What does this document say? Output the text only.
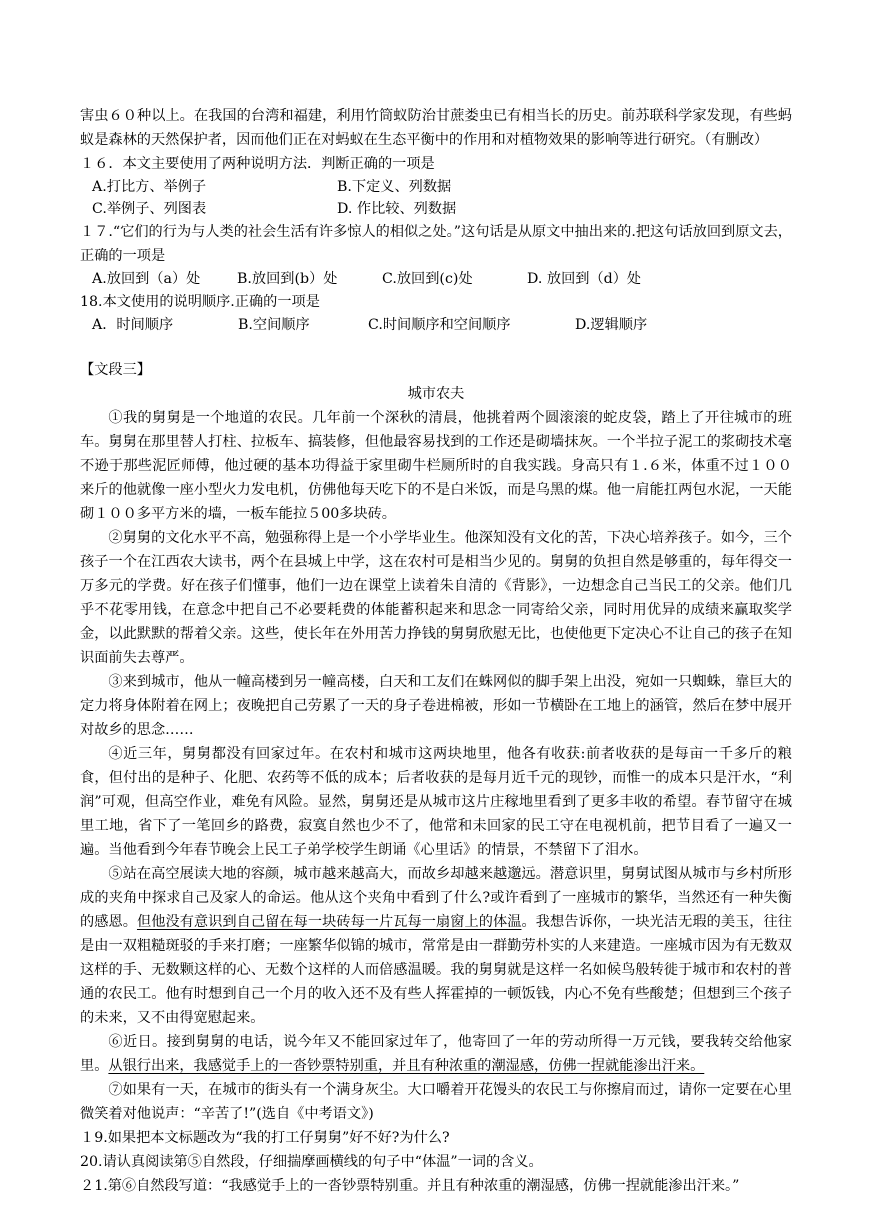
害虫６０种以上。在我国的台湾和福建，利用竹筒蚁防治甘蔗娄虫已有相当长的历史。前苏联科学家发现，有些蚂蚁是森林的天然保护者，因而他们正在对蚂蚁在生态平衡中的作用和对植物效果的影响等进行研究。（有删改）

１６．本文主要使用了两种说明方法．判断正确的一项是

A.打比方、举例子	B.下定义、列数据
C.举例子、列图表	D. 作比较、列数据

１７.“它们的行为与人类的社会生活有许多惊人的相似之处。”这句话是从原文中抽出来的.把这句话放回到原文去，正确的一项是

A.放回到（a）处	B.放回到(b）处	C.放回到(c)处	D. 放回到（d）处

18.本文使用的说明顺序.正确的一项是

A．时间顺序	B.空间顺序	C.时间顺序和空间顺序	D.逻辑顺序

【文段三】

城市农夫

①我的舅舅是一个地道的农民。几年前一个深秋的清晨，他挑着两个圆滚滚的蛇皮袋，踏上了开往城市的班车。舅舅在那里替人打柱、拉板车、搞装修，但他最容易找到的工作还是砌墙抹灰。一个半拉子泥工的浆砌技术毫不逊于那些泥匠师傅，他过硬的基本功得益于家里砌牛栏厕所时的自我实践。身高只有１.６米，体重不过１００来斤的他就像一座小型火力发电机，仿佛他每天吃下的不是白米饭，而是乌黑的煤。他一肩能扛两包水泥，一天能砌１００多平方米的墙，一板车能拉５00多块砖。

②舅舅的文化水平不高，勉强称得上是一个小学毕业生。他深知没有文化的苦，下决心培养孩子。如今，三个孩子一个在江西农大读书，两个在县城上中学，这在农村可是相当少见的。舅舅的负担自然是够重的，每年得交一万多元的学费。好在孩子们懂事，他们一边在课堂上读着朱自清的《背影》，一边想念自己当民工的父亲。他们几乎不花零用钱，在意念中把自己不必要耗费的体能蓄积起来和思念一同寄给父亲，同时用优异的成绩来赢取奖学金，以此默默的帮着父亲。这些，使长年在外用苦力挣钱的舅舅欣慰无比，也使他更下定决心不让自己的孩子在知识面前失去尊严。

③来到城市，他从一幢高楼到另一幢高楼，白天和工友们在蛛网似的脚手架上出没，宛如一只蜘蛛，靠巨大的定力将身体附着在网上；夜晚把自己劳累了一天的身子卷进棉被，形如一节横卧在工地上的涵管，然后在梦中展开对故乡的思念……

④近三年，舅舅都没有回家过年。在农村和城市这两块地里，他各有收获:前者收获的是每亩一千多斤的粮食，但付出的是种子、化肥、农药等不低的成本；后者收获的是每月近千元的现钞，而惟一的成本只是汗水，“利润”可观，但高空作业，难免有风险。显然，舅舅还是从城市这片庄稼地里看到了更多丰收的希望。春节留守在城里工地，省下了一笔回乡的路费，寂寞自然也少不了，他常和未回家的民工守在电视机前，把节目看了一遍又一遍。当他看到今年春节晚会上民工子弟学校学生朗诵《心里话》的情景，不禁留下了泪水。

⑤站在高空展读大地的容颜，城市越来越高大，而故乡却越来越邈远。潜意识里，舅舅试图从城市与乡村所形成的夹角中探求自己及家人的命运。他从这个夹角中看到了什么?或许看到了一座城市的繁华，当然还有一种失衡的感恩。但他没有意识到自己留在每一块砖每一片瓦每一扇窗上的体温。我想告诉你，一块光洁无瑕的美玉，往往是由一双粗糙斑驳的手来打磨；一座繁华似锦的城市，常常是由一群勤劳朴实的人来建造。一座城市因为有无数双这样的手、无数颗这样的心、无数个这样的人而倍感温暖。我的舅舅就是这样一名如候鸟般转徙于城市和农村的普通的农民工。他有时想到自己一个月的收入还不及有些人挥霍掉的一顿饭钱，内心不免有些酸楚；但想到三个孩子的未来，又不由得宽慰起来。

⑥近日。接到舅舅的电话，说今年又不能回家过年了，他寄回了一年的劳动所得一万元钱，要我转交给他家里。从银行出来，我感觉手上的一沓钞票特别重，并且有种浓重的潮湿感，仿佛一捏就能渗出汗来。

⑦如果有一天，在城市的街头有一个满身灰尘。大口嚼着开花馒头的农民工与你擦肩而过，请你一定要在心里微笑着对他说声：“辛苦了!”(选自《中考语文》)

１9.如果把本文标题改为“我的打工仔舅舅”好不好?为什么?

20.请认真阅读第⑤自然段，仔细揣摩画横线的句子中“体温”一词的含义。

２1.第⑥自然段写道：“我感觉手上的一沓钞票特别重。并且有种浓重的潮湿感，仿佛一捏就能渗出汗来。”
